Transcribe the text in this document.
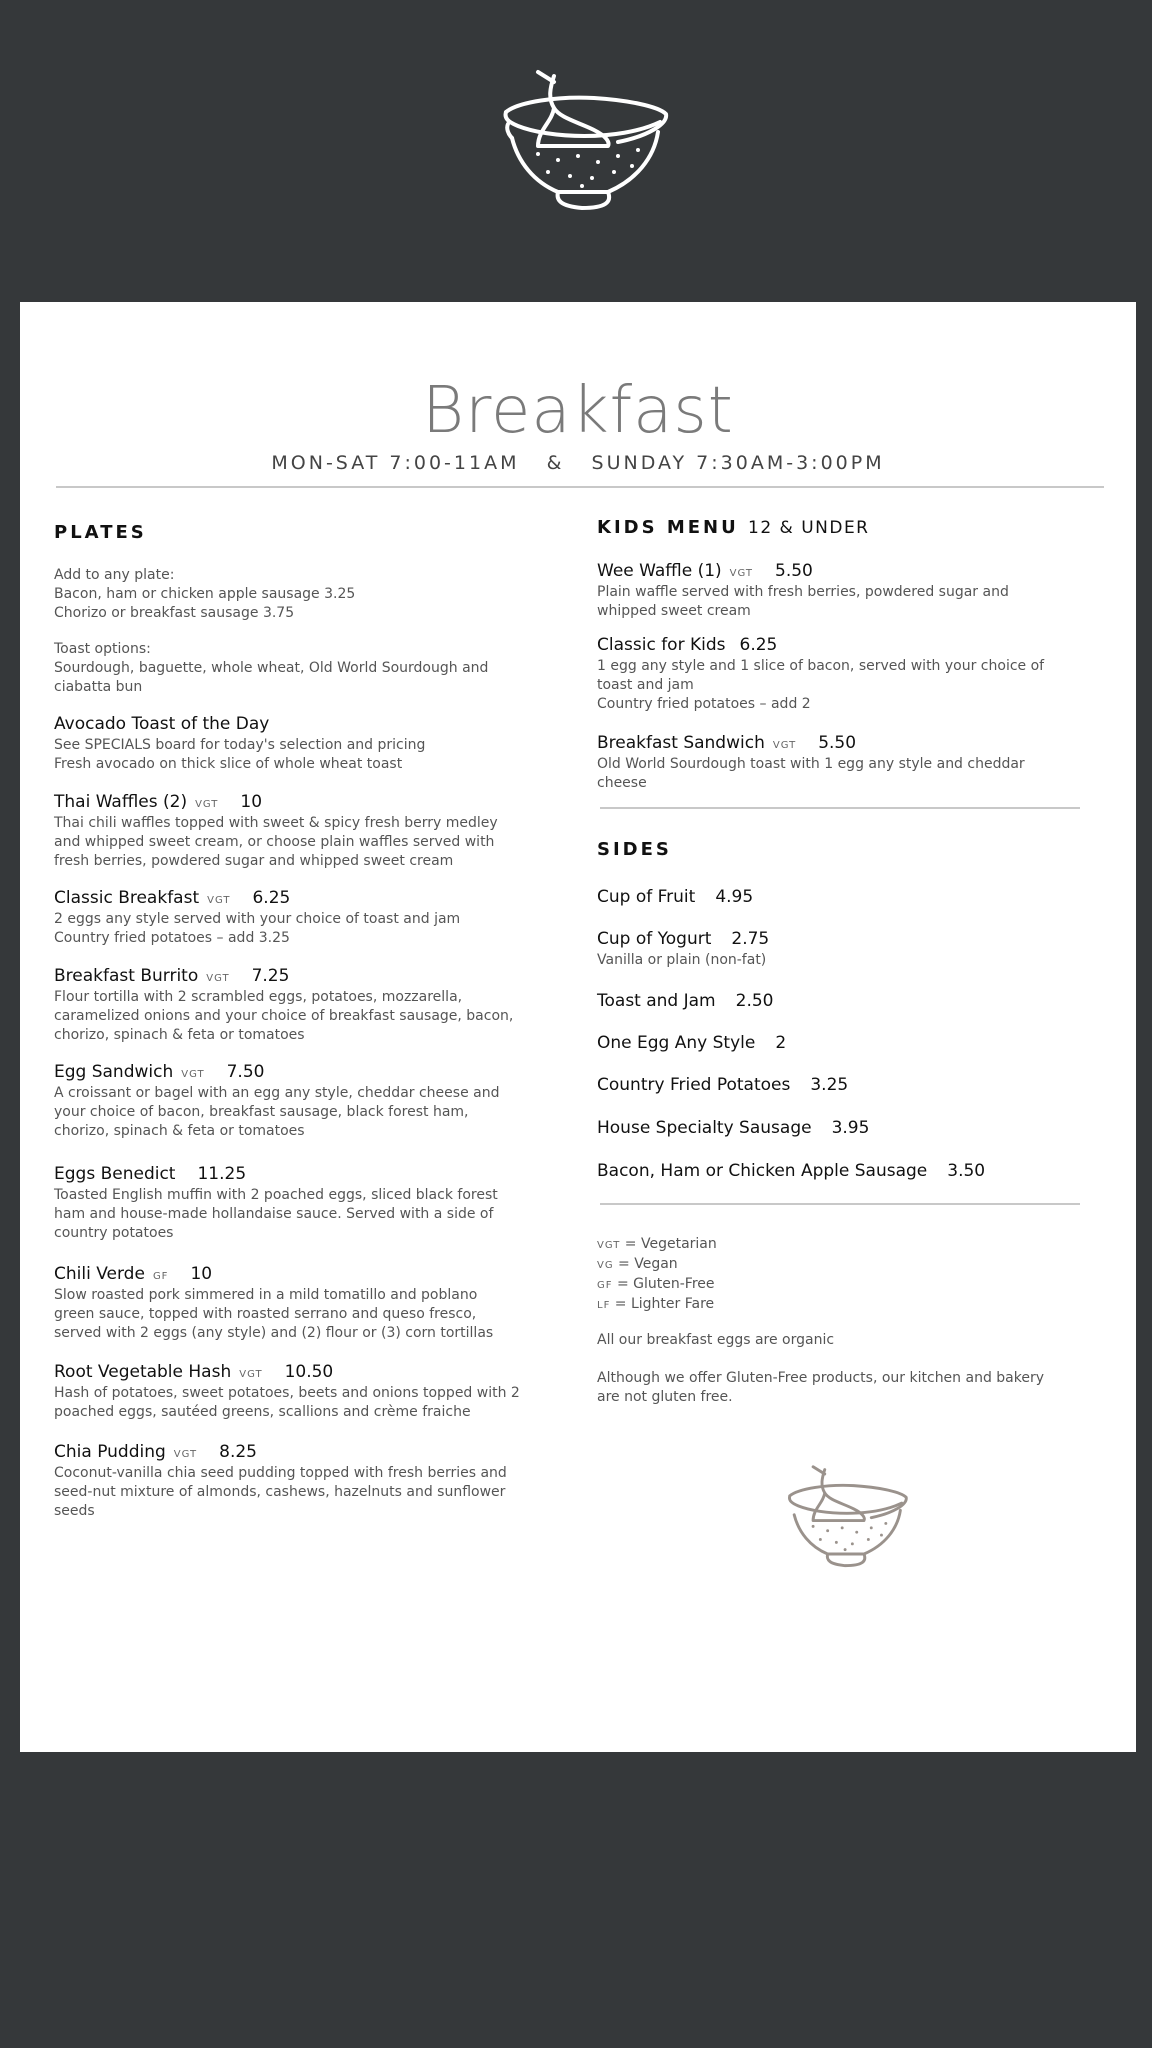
Breakfast
MON-SAT 7:00-11AM   &   SUNDAY 7:30AM-3:00PM
PLATES
Add to any plate:
Bacon, ham or chicken apple sausage 3.25
Chorizo or breakfast sausage 3.75
Toast options:
Sourdough, baguette, whole wheat, Old World Sourdough and
ciabatta bun
Avocado Toast of the Day
See SPECIALS board for today's selection and pricing
Fresh avocado on thick slice of whole wheat toast
Thai Waffles (2) VGT 10
Thai chili waffles topped with sweet & spicy fresh berry medley
and whipped sweet cream, or choose plain waffles served with
fresh berries, powdered sugar and whipped sweet cream
Classic Breakfast VGT 6.25
2 eggs any style served with your choice of toast and jam
Country fried potatoes – add 3.25
Breakfast Burrito VGT 7.25
Flour tortilla with 2 scrambled eggs, potatoes, mozzarella,
caramelized onions and your choice of breakfast sausage, bacon,
chorizo, spinach & feta or tomatoes
Egg Sandwich VGT 7.50
A croissant or bagel with an egg any style, cheddar cheese and
your choice of bacon, breakfast sausage, black forest ham,
chorizo, spinach & feta or tomatoes
Eggs Benedict 11.25
Toasted English muffin with 2 poached eggs, sliced black forest
ham and house-made hollandaise sauce. Served with a side of
country potatoes
Chili Verde GF 10
Slow roasted pork simmered in a mild tomatillo and poblano
green sauce, topped with roasted serrano and queso fresco,
served with 2 eggs (any style) and (2) flour or (3) corn tortillas
Root Vegetable Hash VGT 10.50
Hash of potatoes, sweet potatoes, beets and onions topped with 2
poached eggs, sautéed greens, scallions and crème fraiche
Chia Pudding VGT 8.25
Coconut-vanilla chia seed pudding topped with fresh berries and
seed-nut mixture of almonds, cashews, hazelnuts and sunflower
seeds
KIDS MENU 12 & UNDER
Wee Waffle (1) VGT 5.50
Plain waffle served with fresh berries, powdered sugar and
whipped sweet cream
Classic for Kids 6.25
1 egg any style and 1 slice of bacon, served with your choice of
toast and jam
Country fried potatoes – add 2
Breakfast Sandwich VGT 5.50
Old World Sourdough toast with 1 egg any style and cheddar
cheese
SIDES
Cup of Fruit 4.95
Cup of Yogurt 2.75
Vanilla or plain (non-fat)
Toast and Jam 2.50
One Egg Any Style 2
Country Fried Potatoes 3.25
House Specialty Sausage 3.95
Bacon, Ham or Chicken Apple Sausage 3.50
VGT = Vegetarian
VG = Vegan
GF = Gluten-Free
LF = Lighter Fare
All our breakfast eggs are organic
Although we offer Gluten-Free products, our kitchen and bakery
are not gluten free.
